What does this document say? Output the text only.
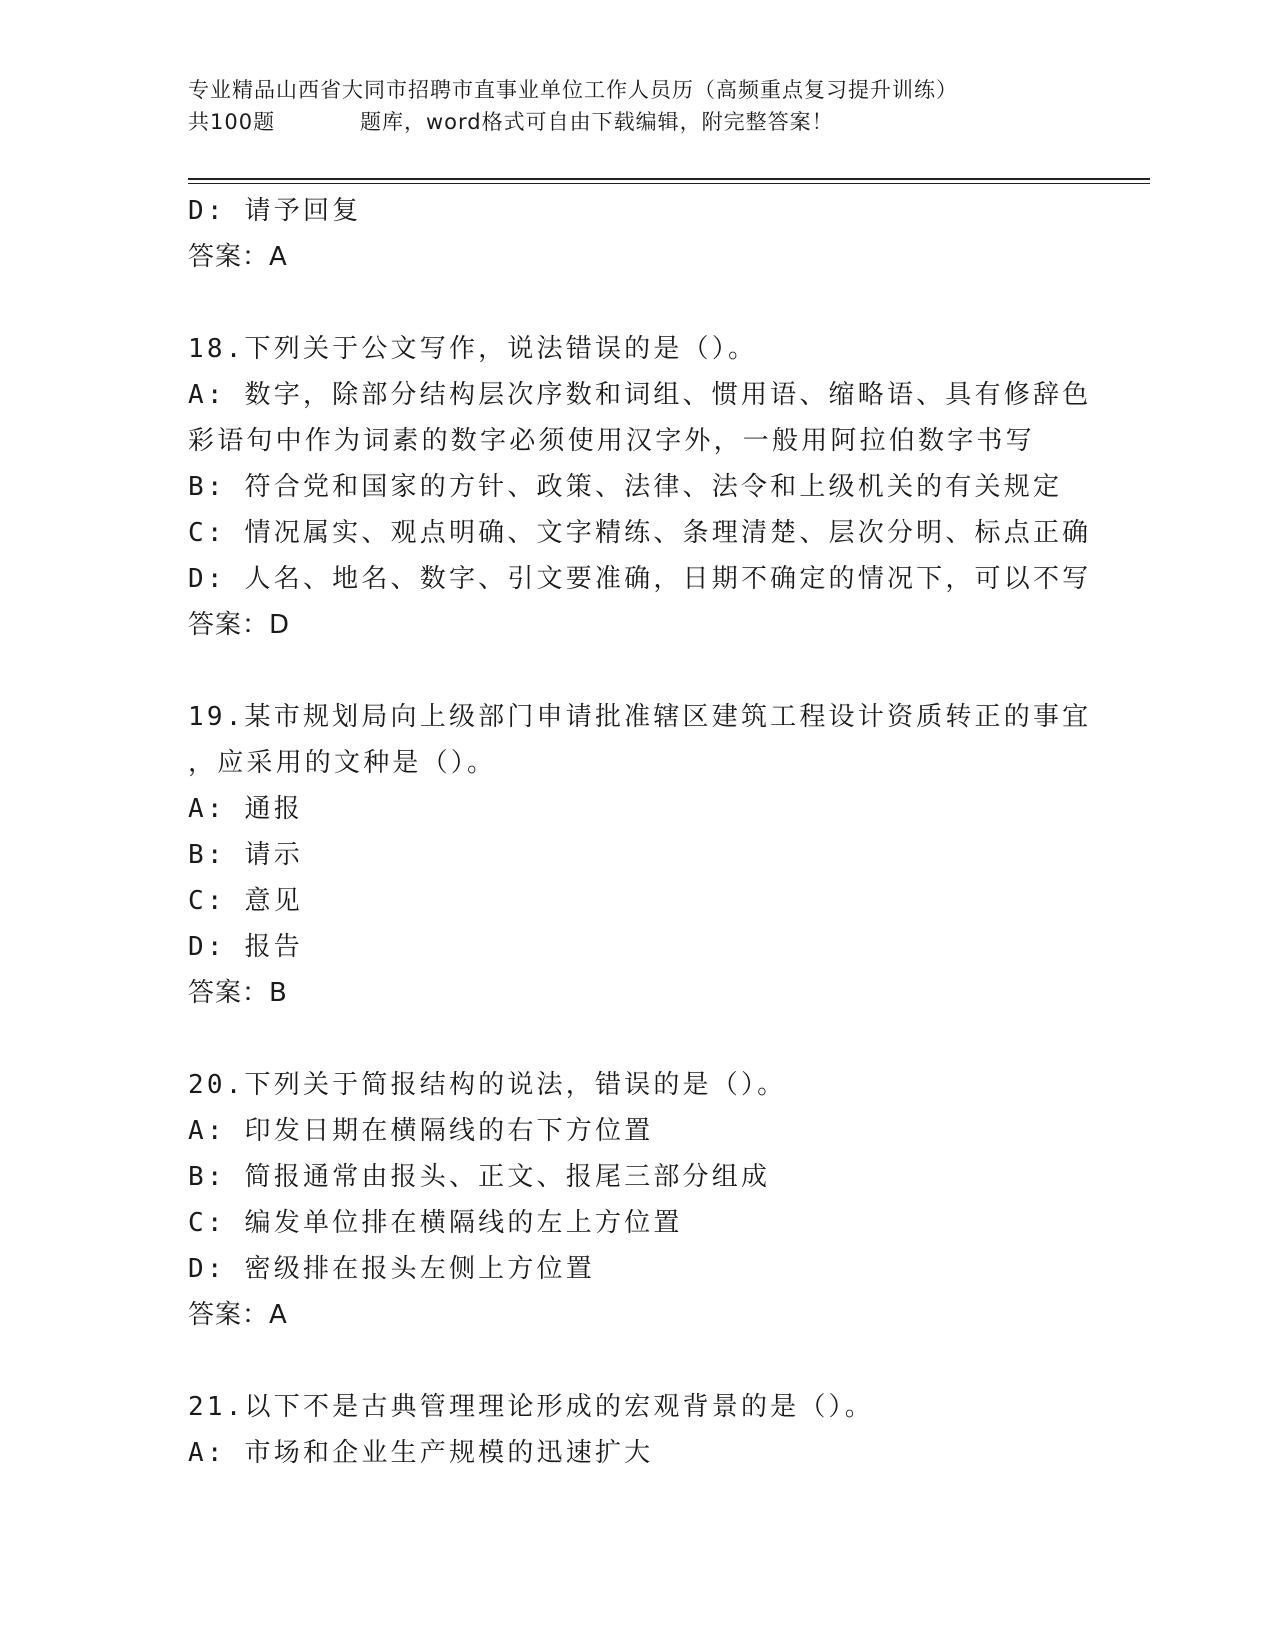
专业精品山西省大同市招聘市直事业单位工作人员历（高频重点复习提升训练）
共100题	题库，word格式可自由下载编辑，附完整答案！
D: 请予回复
答案：A
18.下列关于公文写作，说法错误的是（）。
A: 数字，除部分结构层次序数和词组、惯用语、缩略语、具有修辞色
彩语句中作为词素的数字必须使用汉字外，一般用阿拉伯数字书写
B: 符合党和国家的方针、政策、法律、法令和上级机关的有关规定
C: 情况属实、观点明确、文字精练、条理清楚、层次分明、标点正确
D: 人名、地名、数字、引文要准确，日期不确定的情况下，可以不写
答案：D
19.某市规划局向上级部门申请批准辖区建筑工程设计资质转正的事宜
，应采用的文种是（）。
A: 通报
B: 请示
C: 意见
D: 报告
答案：B
20.下列关于简报结构的说法，错误的是（）。
A: 印发日期在横隔线的右下方位置
B: 简报通常由报头、正文、报尾三部分组成
C: 编发单位排在横隔线的左上方位置
D: 密级排在报头左侧上方位置
答案：A
21.以下不是古典管理理论形成的宏观背景的是（）。
A: 市场和企业生产规模的迅速扩大
